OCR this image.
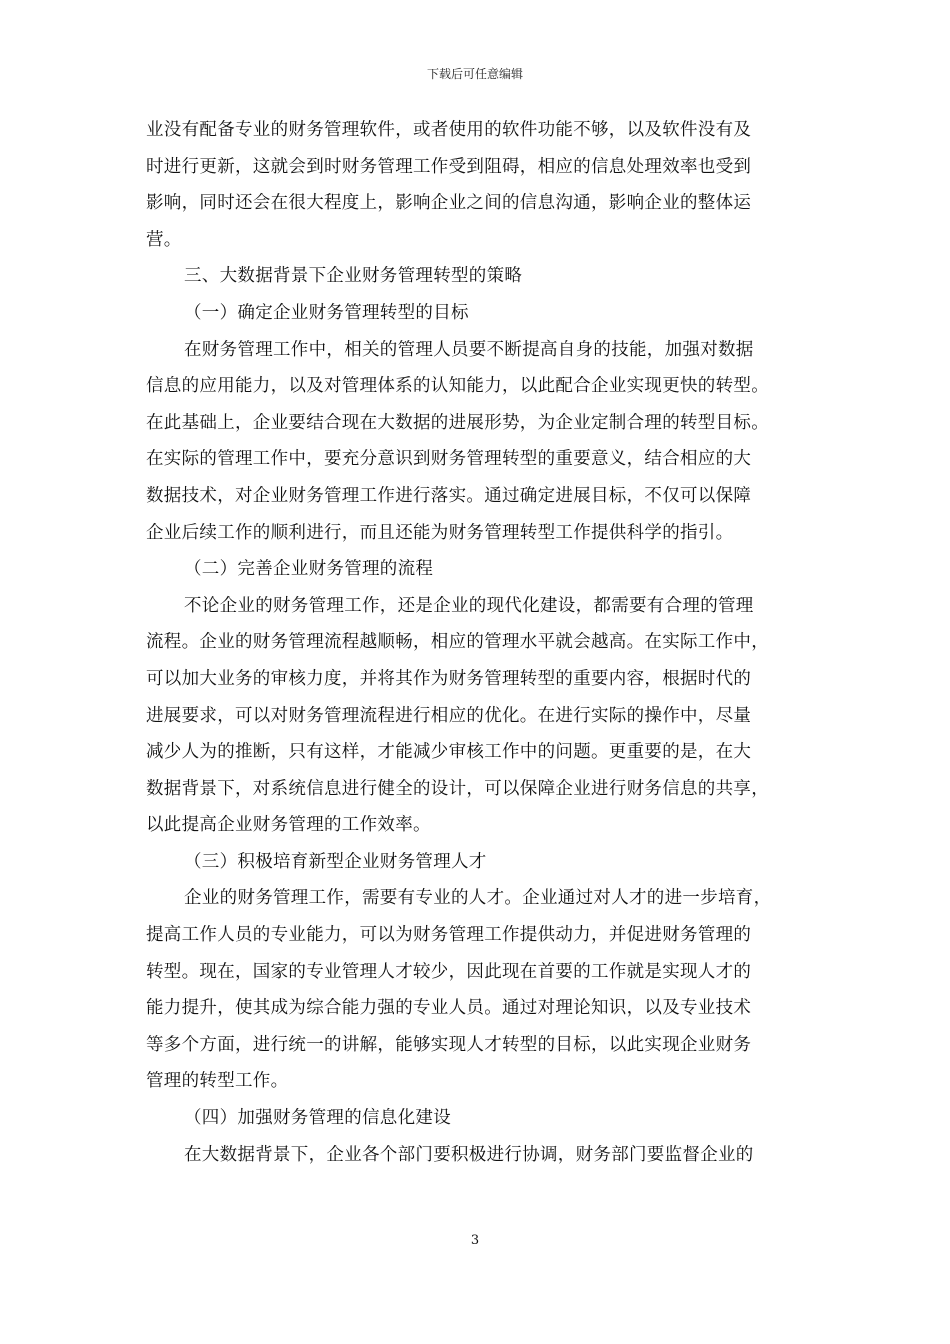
下载后可任意编辑
业没有配备专业的财务管理软件，或者使用的软件功能不够，以及软件没有及
时进行更新，这就会到时财务管理工作受到阻碍，相应的信息处理效率也受到
影响，同时还会在很大程度上，影响企业之间的信息沟通，影响企业的整体运
营。
三、大数据背景下企业财务管理转型的策略
（一）确定企业财务管理转型的目标
在财务管理工作中，相关的管理人员要不断提高自身的技能，加强对数据
信息的应用能力，以及对管理体系的认知能力，以此配合企业实现更快的转型。
在此基础上，企业要结合现在大数据的进展形势，为企业定制合理的转型目标。
在实际的管理工作中，要充分意识到财务管理转型的重要意义，结合相应的大
数据技术，对企业财务管理工作进行落实。通过确定进展目标，不仅可以保障
企业后续工作的顺利进行，而且还能为财务管理转型工作提供科学的指引。
（二）完善企业财务管理的流程
不论企业的财务管理工作，还是企业的现代化建设，都需要有合理的管理
流程。企业的财务管理流程越顺畅，相应的管理水平就会越高。在实际工作中，
可以加大业务的审核力度，并将其作为财务管理转型的重要内容，根据时代的
进展要求，可以对财务管理流程进行相应的优化。在进行实际的操作中，尽量
减少人为的推断，只有这样，才能减少审核工作中的问题。更重要的是，在大
数据背景下，对系统信息进行健全的设计，可以保障企业进行财务信息的共享，
以此提高企业财务管理的工作效率。
（三）积极培育新型企业财务管理人才
企业的财务管理工作，需要有专业的人才。企业通过对人才的进一步培育，
提高工作人员的专业能力，可以为财务管理工作提供动力，并促进财务管理的
转型。现在，国家的专业管理人才较少，因此现在首要的工作就是实现人才的
能力提升，使其成为综合能力强的专业人员。通过对理论知识，以及专业技术
等多个方面，进行统一的讲解，能够实现人才转型的目标，以此实现企业财务
管理的转型工作。
（四）加强财务管理的信息化建设
在大数据背景下，企业各个部门要积极进行协调，财务部门要监督企业的
3
